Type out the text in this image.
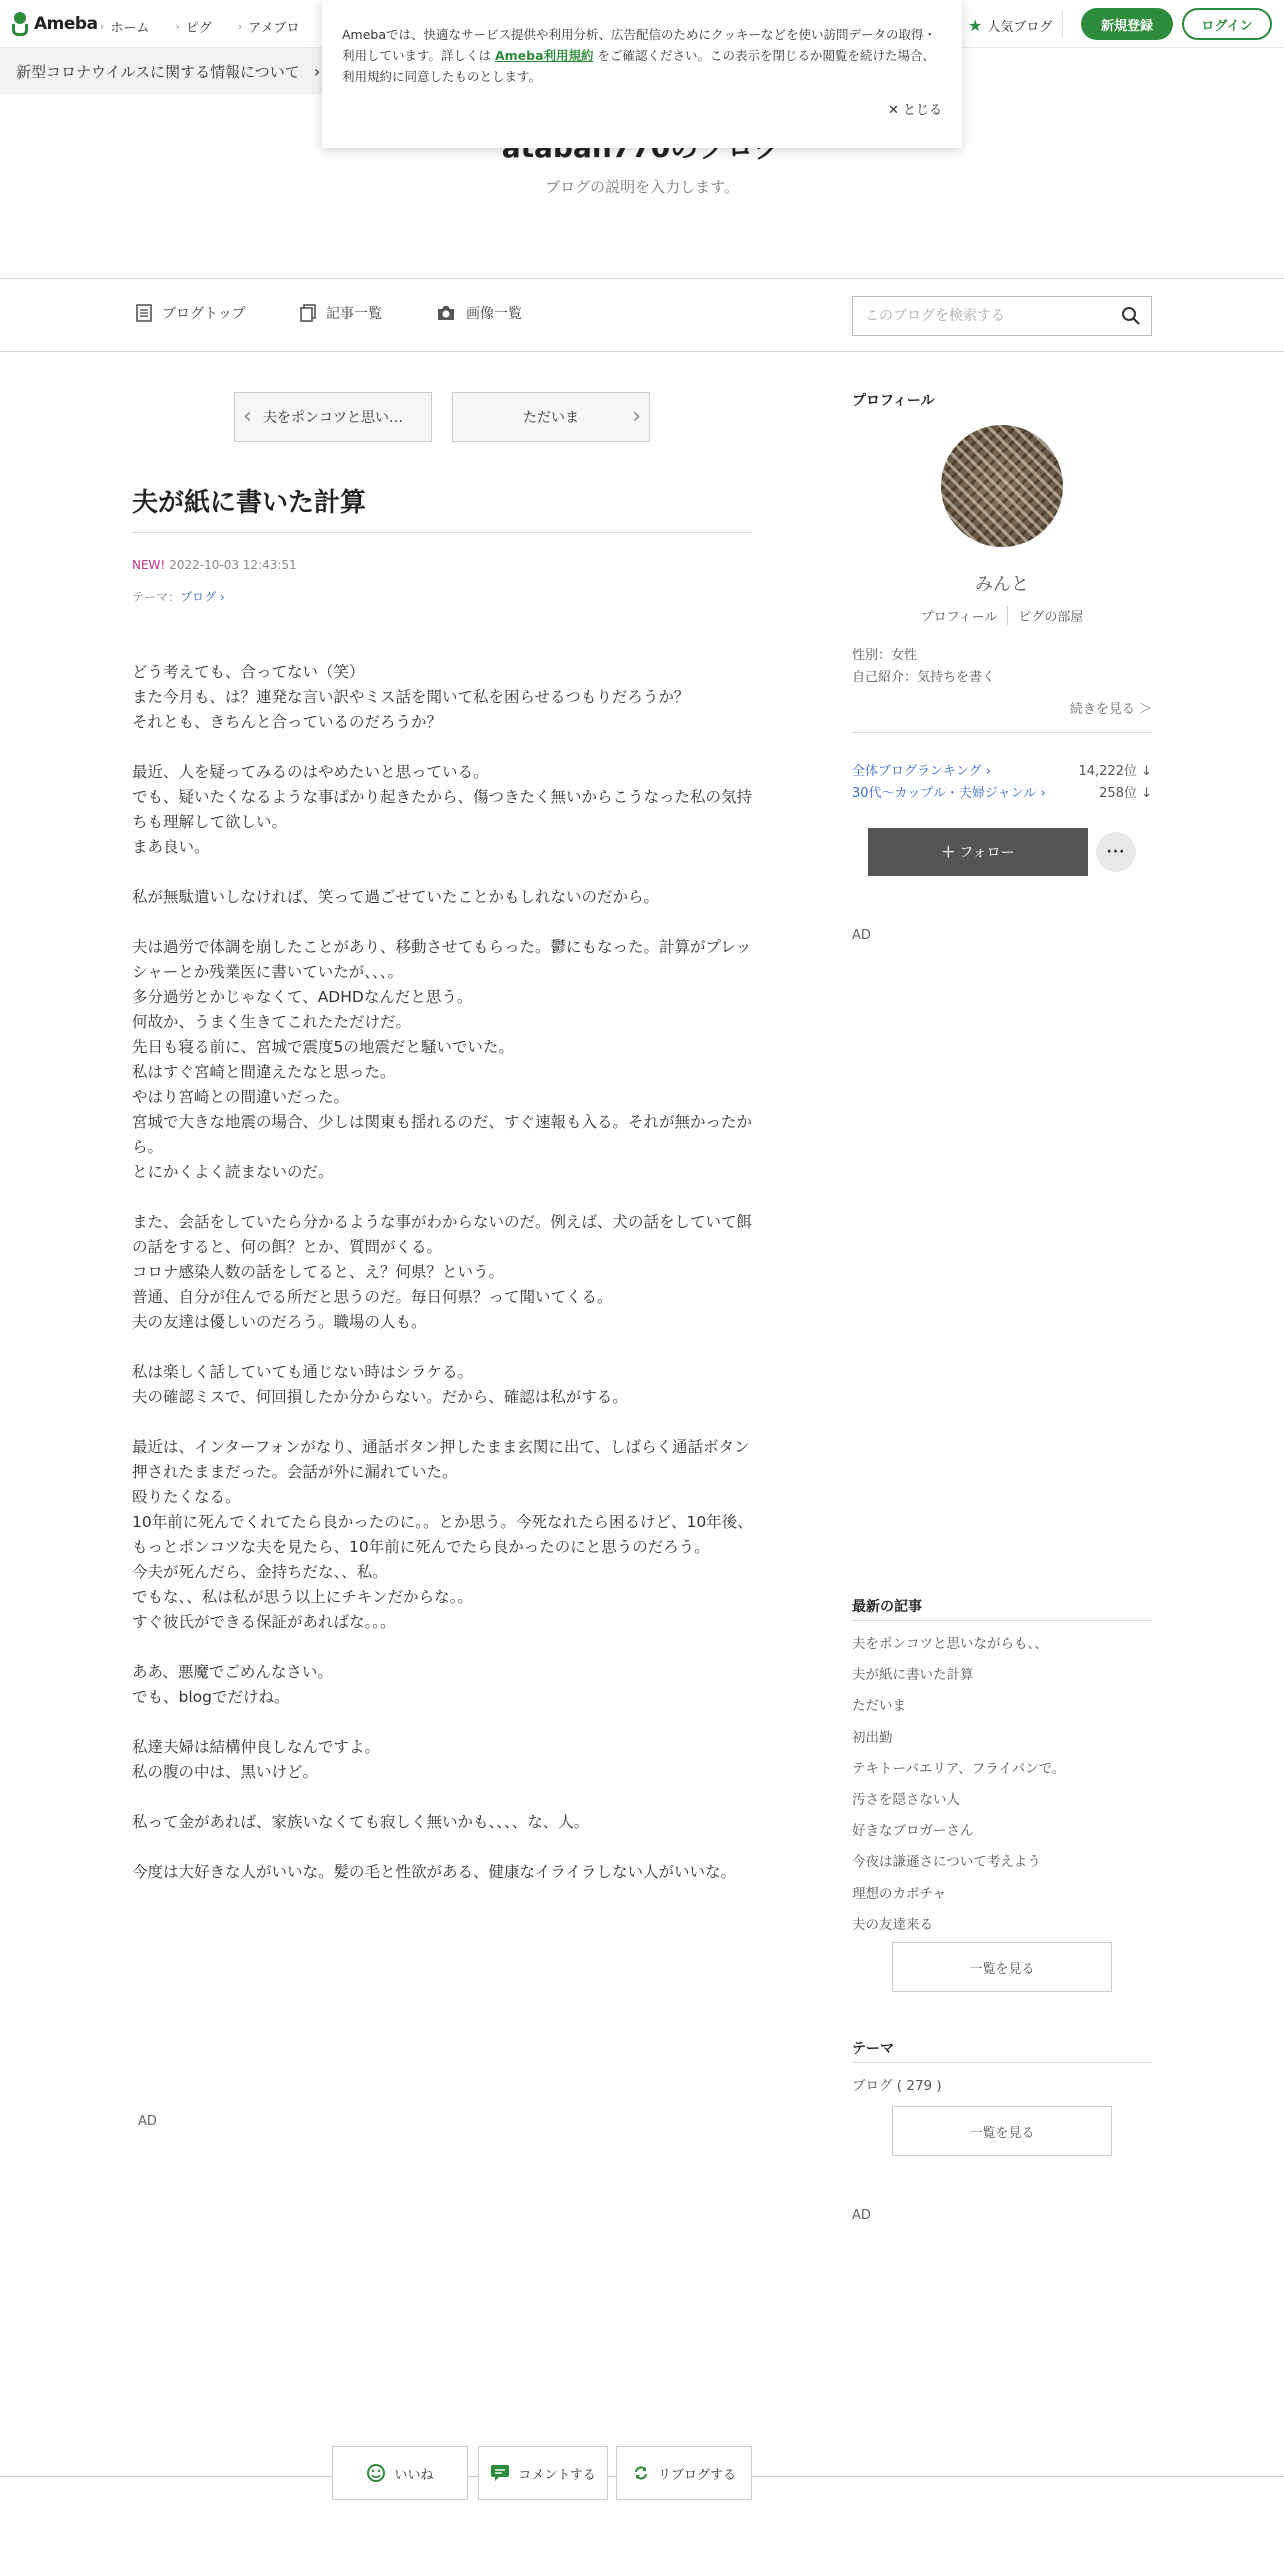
Ameba › ホーム › ピグ › アメブロ	★ 人気ブログ	新規登録	ログイン
新型コロナウイルスに関する情報について ›
Amebaでは、快適なサービス提供や利用分析、広告配信のためにクッキーなどを使い訪問データの取得・利用しています。詳しくは Ameba利用規約 をご確認ください。この表示を閉じるか閲覧を続けた場合、利用規約に同意したものとします。
✕ とじる
ブログの説明を入力します。
ブログトップ	記事一覧	画像一覧
このブログを検索する
‹ 夫をポンコツと思い…	ただいま ›
夫が紙に書いた計算
NEW! 2022-10-03 12:43:51
テーマ：ブログ ›

どう考えても、合ってない（笑）

また今月も、は？連発な言い訳やミス話を聞いて私を困らせるつもりだろうか？

それとも、きちんと合っているのだろうか？

最近、人を疑ってみるのはやめたいと思っている。

でも、疑いたくなるような事ばかり起きたから、傷つきたく無いからこうなった私の気持ちも理解して欲しい。

まあ良い。

私が無駄遣いしなければ、笑って過ごせていたことかもしれないのだから。

夫は過労で体調を崩したことがあり、移動させてもらった。鬱にもなった。計算がプレッシャーとか残業医に書いていたが、、、。

多分過労とかじゃなくて、ADHDなんだと思う。

何故か、うまく生きてこれたただけだ。

先日も寝る前に、宮城で震度5の地震だと騒いでいた。

私はすぐ宮崎と間違えたなと思った。

やはり宮崎との間違いだった。

宮城で大きな地震の場合、少しは関東も揺れるのだ、すぐ速報も入る。それが無かったから。

とにかくよく読まないのだ。

また、会話をしていたら分かるような事がわからないのだ。例えば、犬の話をしていて餌の話をすると、何の餌？とか、質問がくる。

コロナ感染人数の話をしてると、え？何県？という。

普通、自分が住んでる所だと思うのだ。毎日何県？って聞いてくる。

夫の友達は優しいのだろう。職場の人も。

私は楽しく話していても通じない時はシラケる。

夫の確認ミスで、何回損したか分からない。だから、確認は私がする。

最近は、インターフォンがなり、通話ボタン押したまま玄関に出て、しばらく通話ボタン押されたままだった。会話が外に漏れていた。

殴りたくなる。

10年前に死んでくれてたら良かったのに。。とか思う。今死なれたら困るけど、10年後、もっとポンコツな夫を見たら、10年前に死んでたら良かったのにと思うのだろう。

今夫が死んだら、金持ちだな、、私。

でもな、、私は私が思う以上にチキンだからな。。

すぐ彼氏ができる保証があればな。。。

ああ、悪魔でごめんなさい。

でも、blogでだけね。

私達夫婦は結構仲良しなんですよ。

私の腹の中は、黒いけど。

私って金があれば、家族いなくても寂しく無いかも、、、、な、人。

今度は大好きな人がいいな。髪の毛と性欲がある、健康なイライラしない人がいいな。

AD
プロフィール
みんと
プロフィール	ピグの部屋
性別：女性
自己紹介：気持ちを書く
続きを見る ＞
全体ブログランキング ›	14,222位 ↓
30代〜カップル・夫婦ジャンル ›	258位 ↓
＋ フォロー	···
AD
最新の記事
夫をポンコツと思いながらも、、
夫が紙に書いた計算
ただいま
初出勤
テキトーパエリア、フライパンで。
汚さを隠さない人
好きなブロガーさん
今夜は謙遜さについて考えよう
理想のカボチャ
夫の友達来る
一覧を見る
テーマ
ブログ ( 279 )
一覧を見る
AD
いいね	コメントする	リブログする
